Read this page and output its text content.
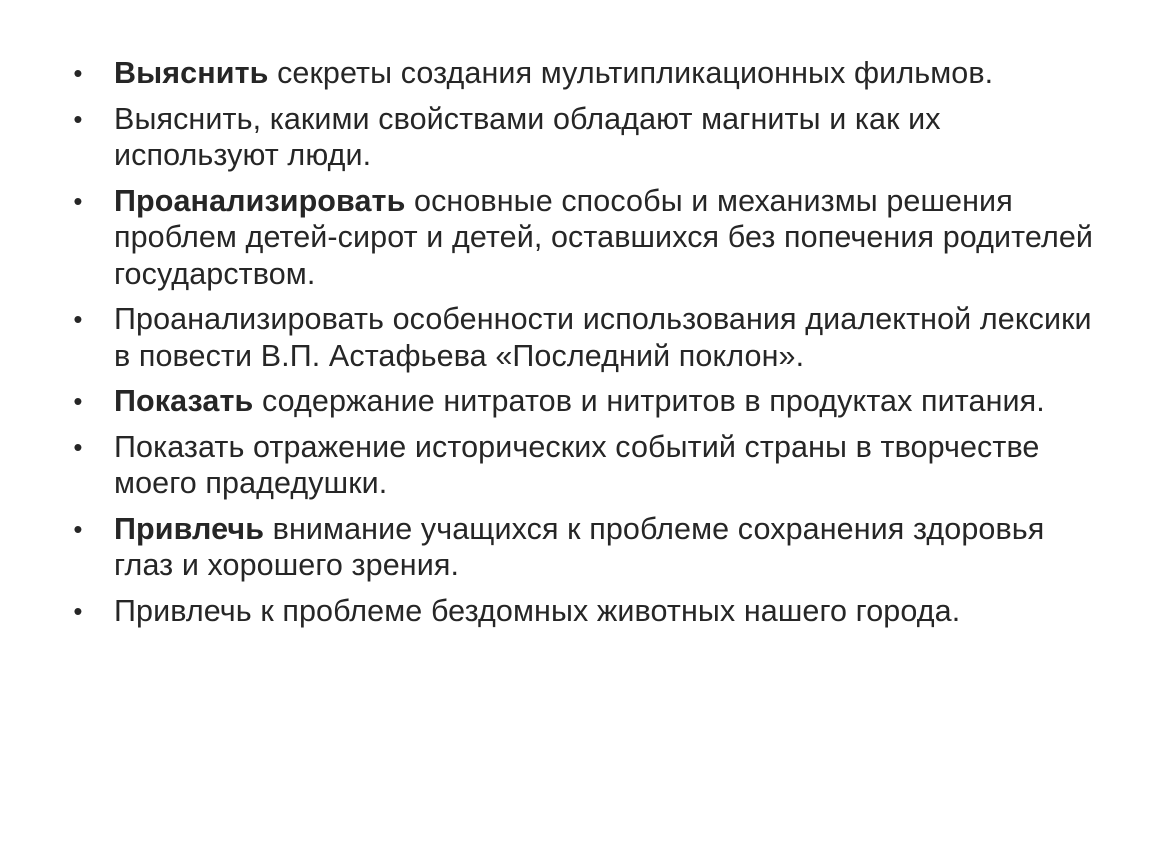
• Выяснить секреты создания мультипликационных фильмов.
• Выяснить, какими свойствами обладают магниты и как их используют люди.
• Проанализировать основные способы и механизмы решения проблем детей-сирот и детей, оставшихся без попечения родителей государством.
• Проанализировать особенности использования диалектной лексики в повести В.П. Астафьева «Последний поклон».
• Показать содержание нитратов и нитритов в продуктах питания.
• Показать отражение исторических событий страны в творчестве моего прадедушки.
• Привлечь внимание учащихся к проблеме сохранения здоровья глаз и хорошего зрения.
• Привлечь к проблеме бездомных животных нашего города.
